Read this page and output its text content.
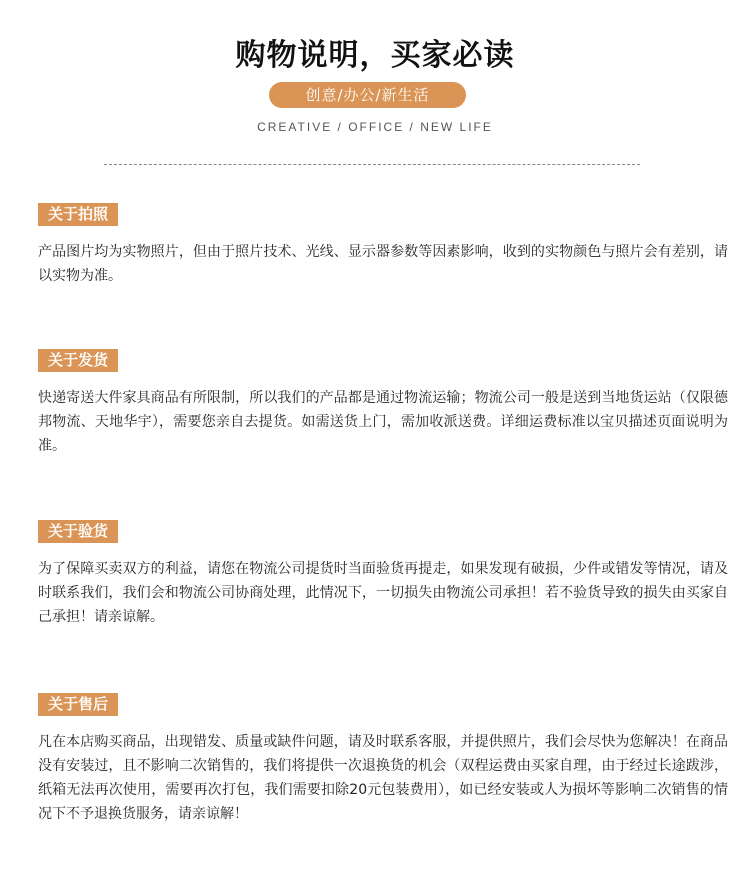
购物说明，买家必读
创意/办公/新生活
CREATIVE / OFFICE / NEW LIFE
关于拍照
产品图片均为实物照片，但由于照片技术、光线、显示器参数等因素影响，收到的实物颜色与照片会有差别，请以实物为准。
关于发货
快递寄送大件家具商品有所限制，所以我们的产品都是通过物流运输；物流公司一般是送到当地货运站（仅限德邦物流、天地华宇），需要您亲自去提货。如需送货上门，需加收派送费。详细运费标准以宝贝描述页面说明为准。
关于验货
为了保障买卖双方的利益，请您在物流公司提货时当面验货再提走，如果发现有破损，少件或错发等情况，请及时联系我们，我们会和物流公司协商处理，此情况下，一切损失由物流公司承担！若不验货导致的损失由买家自己承担！请亲谅解。
关于售后
凡在本店购买商品，出现错发、质量或缺件问题，请及时联系客服，并提供照片，我们会尽快为您解决！在商品没有安装过，且不影响二次销售的，我们将提供一次退换货的机会（双程运费由买家自理，由于经过长途跋涉，纸箱无法再次使用，需要再次打包，我们需要扣除20元包装费用），如已经安装或人为损坏等影响二次销售的情况下不予退换货服务，请亲谅解！
